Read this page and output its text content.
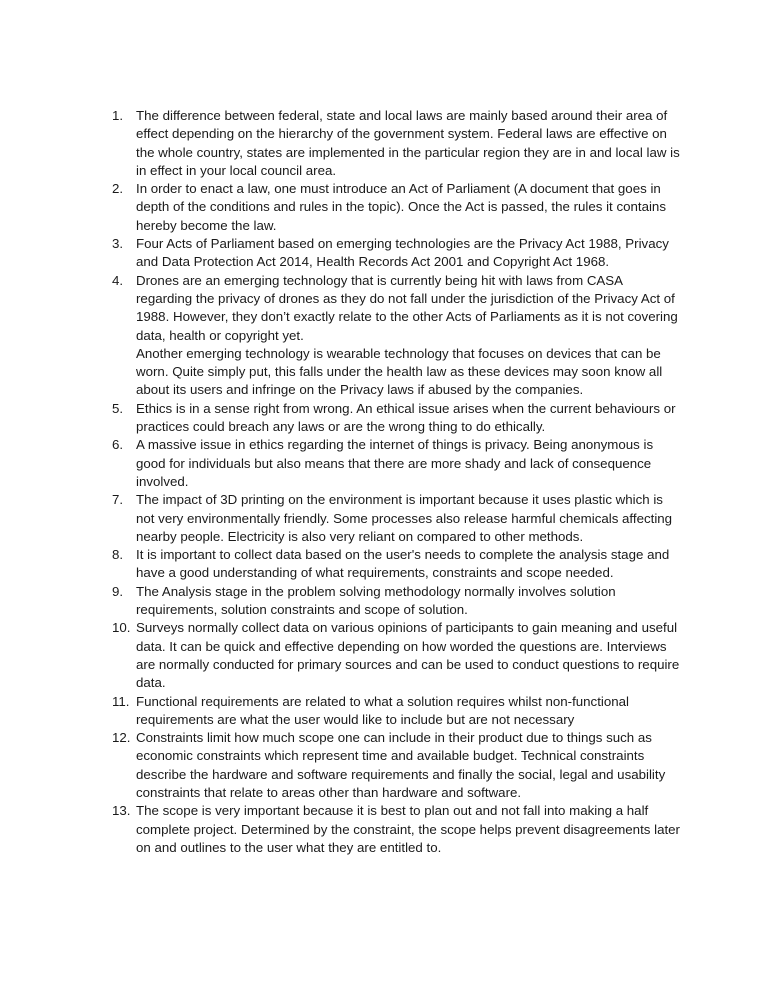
1. The difference between federal, state and local laws are mainly based around their area of effect depending on the hierarchy of the government system. Federal laws are effective on the whole country, states are implemented in the particular region they are in and local law is in effect in your local council area.
2. In order to enact a law, one must introduce an Act of Parliament (A document that goes in depth of the conditions and rules in the topic). Once the Act is passed, the rules it contains hereby become the law.
3. Four Acts of Parliament based on emerging technologies are the Privacy Act 1988, Privacy and Data Protection Act 2014, Health Records Act 2001 and Copyright Act 1968.
4. Drones are an emerging technology that is currently being hit with laws from CASA regarding the privacy of drones as they do not fall under the jurisdiction of the Privacy Act of 1988. However, they don’t exactly relate to the other Acts of Parliaments as it is not covering data, health or copyright yet.
Another emerging technology is wearable technology that focuses on devices that can be worn. Quite simply put, this falls under the health law as these devices may soon know all about its users and infringe on the Privacy laws if abused by the companies.
5. Ethics is in a sense right from wrong. An ethical issue arises when the current behaviours or practices could breach any laws or are the wrong thing to do ethically.
6. A massive issue in ethics regarding the internet of things is privacy. Being anonymous is good for individuals but also means that there are more shady and lack of consequence involved.
7. The impact of 3D printing on the environment is important because it uses plastic which is not very environmentally friendly. Some processes also release harmful chemicals affecting nearby people. Electricity is also very reliant on compared to other methods.
8. It is important to collect data based on the user's needs to complete the analysis stage and have a good understanding of what requirements, constraints and scope needed.
9. The Analysis stage in the problem solving methodology normally involves solution requirements, solution constraints and scope of solution.
10. Surveys normally collect data on various opinions of participants to gain meaning and useful data. It can be quick and effective depending on how worded the questions are. Interviews are normally conducted for primary sources and can be used to conduct questions to require data.
11. Functional requirements are related to what a solution requires whilst non-functional requirements are what the user would like to include but are not necessary
12. Constraints limit how much scope one can include in their product due to things such as economic constraints which represent time and available budget. Technical constraints describe the hardware and software requirements and finally the social, legal and usability constraints that relate to areas other than hardware and software.
13. The scope is very important because it is best to plan out and not fall into making a half complete project. Determined by the constraint, the scope helps prevent disagreements later on and outlines to the user what they are entitled to.
